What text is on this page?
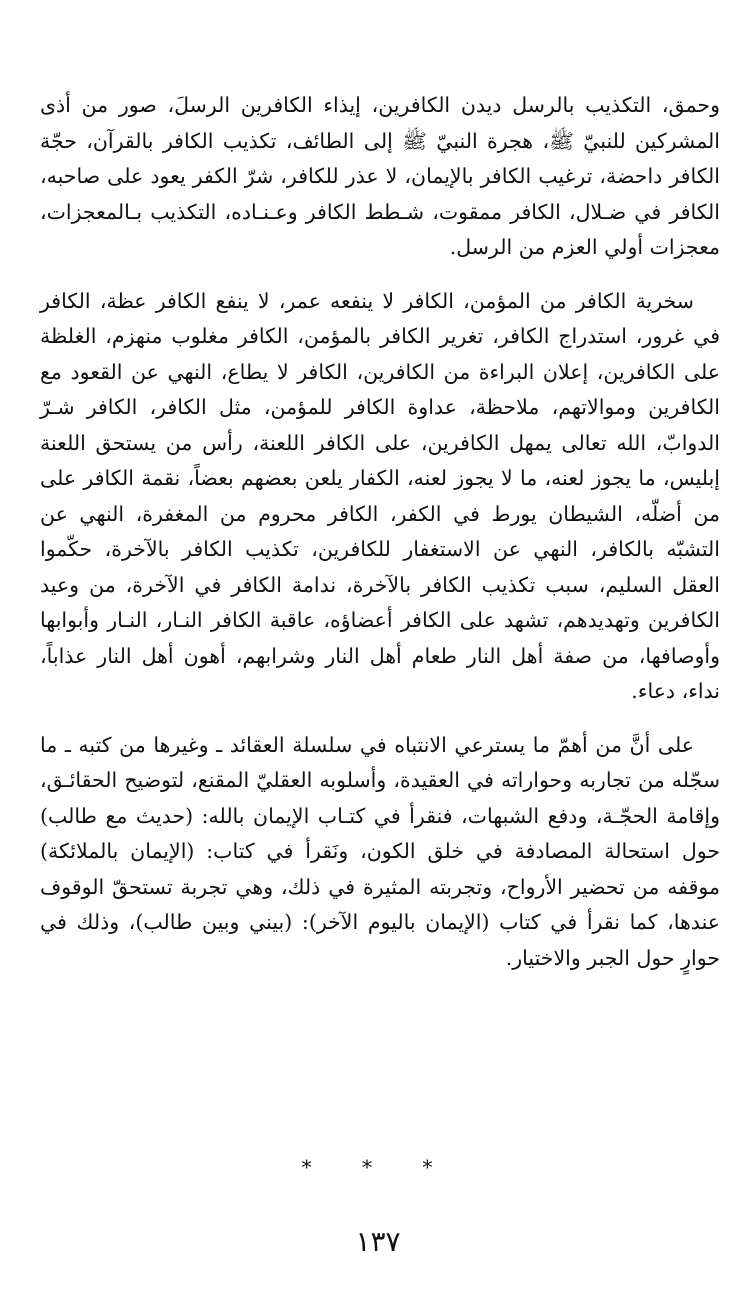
وحمق، التكذيب بالرسل ديدن الكافرين، إيذاء الكافرين الرسلَ، صور من أذى المشركين للنبيّ ﷺ، هجرة النبيّ ﷺ إلى الطائف، تكذيب الكافر بالقرآن، حجّة الكافر داحضة، ترغيب الكافر بالإيمان، لا عذر للكافر، شرّ الكفر يعود على صاحبه، الكافر في ضـلال، الكافر ممقوت، شـطط الكافر وعـنـاده، التكذيب بـالمعجزات، معجزات أولي العزم من الرسل.

سخرية الكافر من المؤمن، الكافر لا ينفعه عمر، لا ينفع الكافر عظة، الكافر في غرور، استدراج الكافر، تغرير الكافر بالمؤمن، الكافر مغلوب منهزم، الغلظة على الكافرين، إعلان البراءة من الكافرين، الكافر لا يطاع، النهي عن القعود مع الكافرين وموالاتهم، ملاحظة، عداوة الكافر للمؤمن، مثل الكافر، الكافر شـرّ الدوابّ، الله تعالى يمهل الكافرين، على الكافر اللعنة، رأس من يستحق اللعنة إبليس، ما يجوز لعنه، ما لا يجوز لعنه، الكفار يلعن بعضهم بعضاً، نقمة الكافر على من أضلّه، الشيطان يورط في الكفر، الكافر محروم من المغفرة، النهي عن التشبّه بالكافر، النهي عن الاستغفار للكافرين، تكذيب الكافر بالآخرة، حكّموا العقل السليم، سبب تكذيب الكافر بالآخرة، ندامة الكافر في الآخرة، من وعيد الكافرين وتهديدهم، تشهد على الكافر أعضاؤه، عاقبة الكافر النـار، النـار وأبوابها وأوصافها، من صفة أهل النار طعام أهل النار وشرابهم، أهون أهل النار عذاباً، نداء، دعاء.

على أنَّ من أهمّ ما يسترعي الانتباه في سلسلة العقائد ـ وغيرها من كتبه ـ ما سجّله من تجاربه وحواراته في العقيدة، وأسلوبه العقليّ المقنع، لتوضيح الحقائـق، وإقامة الحجّـة، ودفع الشبهات، فنقرأ في كتـاب الإيمان بالله: (حديث مع طالب) حول استحالة المصادفة في خلق الكون، ونَقرأ في كتاب: (الإيمان بالملائكة) موقفه من تحضير الأرواح، وتجربته المثيرة في ذلك، وهي تجربة تستحقّ الوقوف عندها، كما نقرأ في كتاب (الإيمان باليوم الآخر): (بيني وبين طالب)، وذلك في حوارٍ حول الجبر والاختيار.

* * *
١٣٧
